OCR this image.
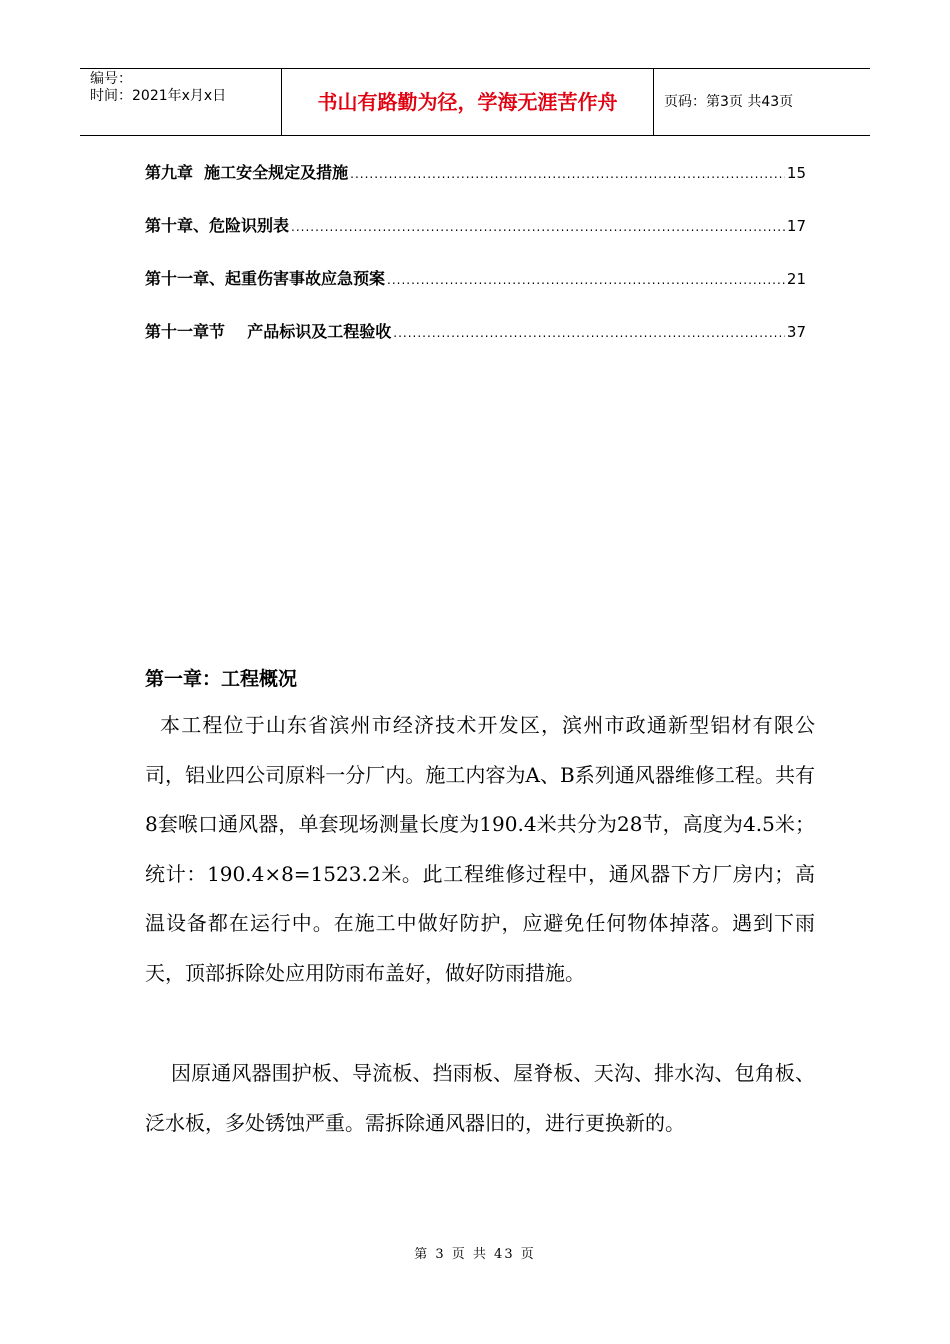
编号：
时间：2021年x月x日	书山有路勤为径，学海无涯苦作舟	页码：第3页 共43页
第九章  施工安全规定及措施 .....	15
第十章、危险识别表 .....	17
第十一章、起重伤害事故应急预案 .....	21
第十一章节    产品标识及工程验收 .....	37
第一章：工程概况
本工程位于山东省滨州市经济技术开发区，滨州市政通新型铝材有限公司，铝业四公司原料一分厂内。施工内容为A、B系列通风器维修工程。共有8套喉口通风器，单套现场测量长度为190.4米共分为28节，高度为4.5米；统计：190.4×8=1523.2米。此工程维修过程中，通风器下方厂房内；高温设备都在运行中。在施工中做好防护，应避免任何物体掉落。遇到下雨天，顶部拆除处应用防雨布盖好，做好防雨措施。
因原通风器围护板、导流板、挡雨板、屋脊板、天沟、排水沟、包角板、泛水板，多处锈蚀严重。需拆除通风器旧的，进行更换新的。
第 3 页 共 43 页
